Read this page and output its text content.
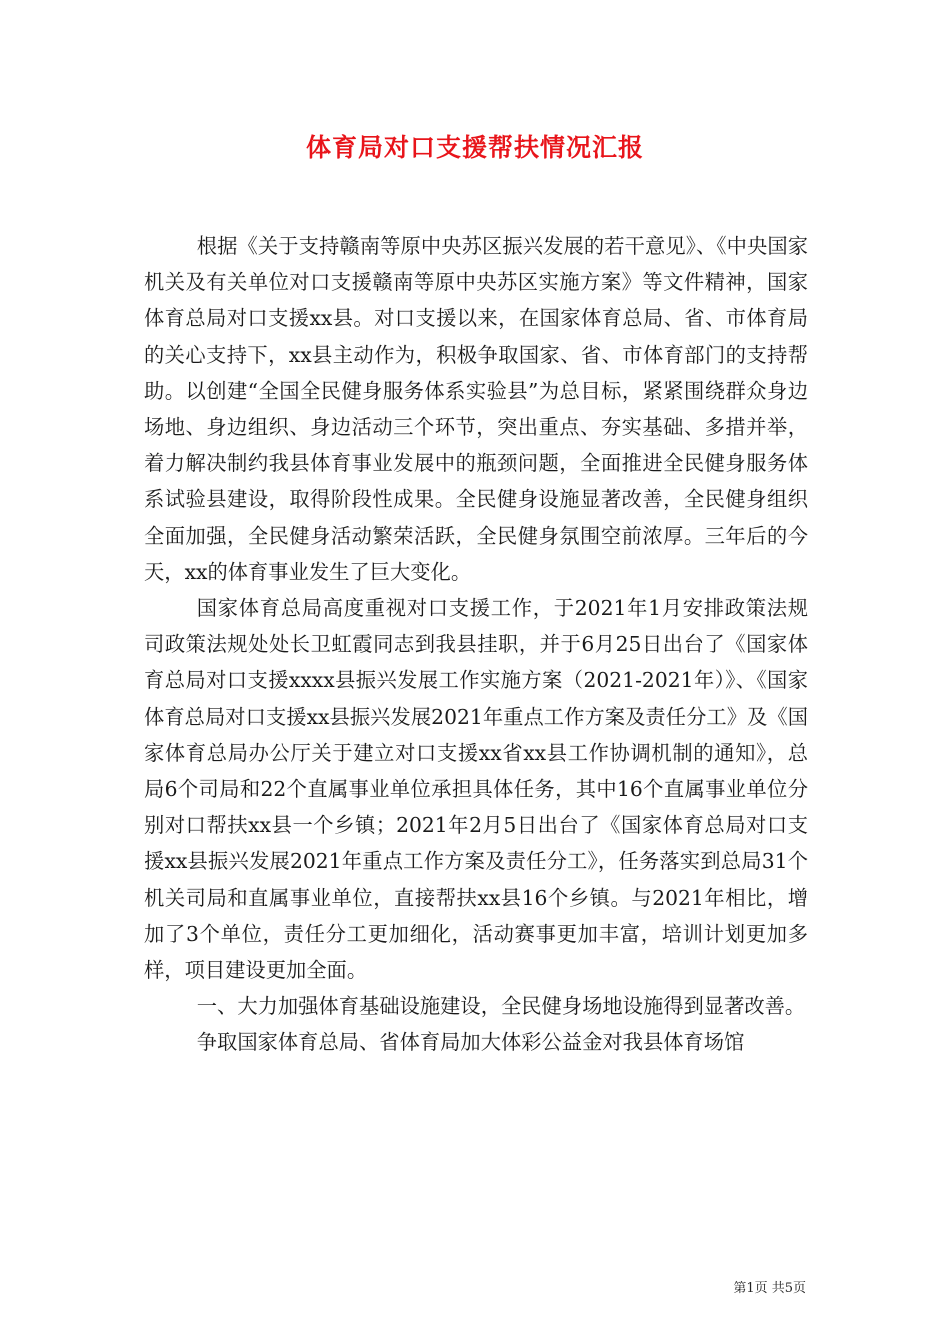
体育局对口支援帮扶情况汇报

根据《关于支持赣南等原中央苏区振兴发展的若干意见》、《中央国家机关及有关单位对口支援赣南等原中央苏区实施方案》等文件精神，国家体育总局对口支援xx县。对口支援以来，在国家体育总局、省、市体育局的关心支持下，xx县主动作为，积极争取国家、省、市体育部门的支持帮助。以创建“全国全民健身服务体系实验县”为总目标，紧紧围绕群众身边场地、身边组织、身边活动三个环节，突出重点、夯实基础、多措并举，着力解决制约我县体育事业发展中的瓶颈问题，全面推进全民健身服务体系试验县建设，取得阶段性成果。全民健身设施显著改善，全民健身组织全面加强，全民健身活动繁荣活跃，全民健身氛围空前浓厚。三年后的今天，xx的体育事业发生了巨大变化。

国家体育总局高度重视对口支援工作，于2021年1月安排政策法规司政策法规处处长卫虹霞同志到我县挂职，并于6月25日出台了《国家体育总局对口支援xxxx县振兴发展工作实施方案（2021-2021年）》、《国家体育总局对口支援xx县振兴发展2021年重点工作方案及责任分工》及《国家体育总局办公厅关于建立对口支援xx省xx县工作协调机制的通知》，总局6个司局和22个直属事业单位承担具体任务，其中16个直属事业单位分别对口帮扶xx县一个乡镇；2021年2月5日出台了《国家体育总局对口支援xx县振兴发展2021年重点工作方案及责任分工》，任务落实到总局31个机关司局和直属事业单位，直接帮扶xx县16个乡镇。与2021年相比，增加了3个单位，责任分工更加细化，活动赛事更加丰富，培训计划更加多样，项目建设更加全面。

一、大力加强体育基础设施建设，全民健身场地设施得到显著改善。

争取国家体育总局、省体育局加大体彩公益金对我县体育场馆

第1页 共5页
